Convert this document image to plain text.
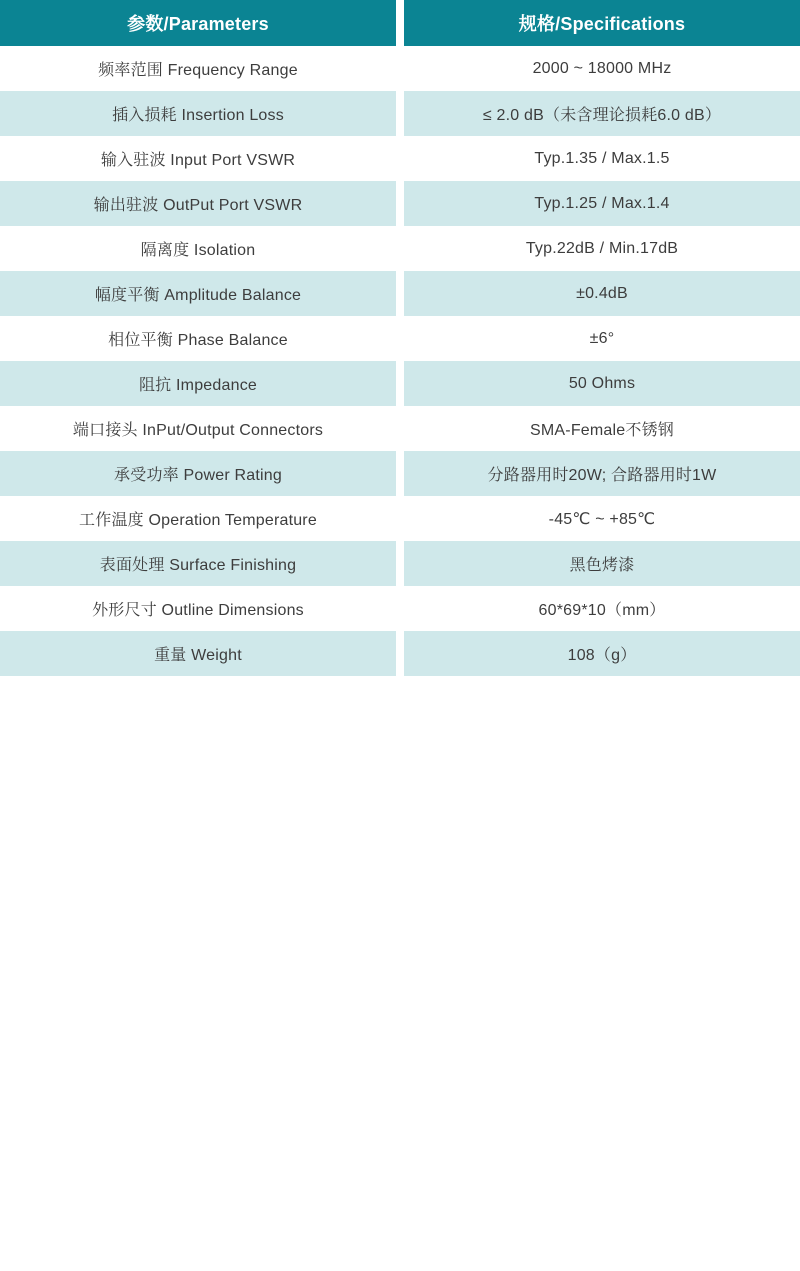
参数/Parameters	规格/Specifications
频率范围 Frequency Range	2000 ~ 18000 MHz
插入损耗 Insertion Loss	≤ 2.0 dB（未含理论损耗6.0 dB）
输入驻波 Input Port VSWR	Typ.1.35 / Max.1.5
输出驻波 OutPut Port VSWR	Typ.1.25 / Max.1.4
隔离度 Isolation	Typ.22dB / Min.17dB
幅度平衡 Amplitude Balance	±0.4dB
相位平衡 Phase Balance	±6°
阻抗 Impedance	50 Ohms
端口接头 InPut/Output Connectors	SMA-Female不锈钢
承受功率 Power Rating	分路器用时20W; 合路器用时1W
工作温度 Operation Temperature	-45℃ ~ +85℃
表面处理 Surface Finishing	黑色烤漆
外形尺寸 Outline Dimensions	60*69*10（mm）
重量 Weight	108（g）
